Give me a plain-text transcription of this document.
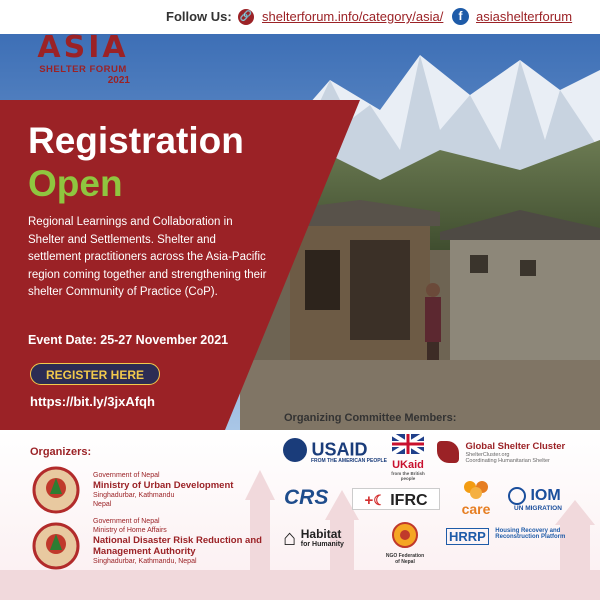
Follow Us: 🔗 shelterforum.info/category/asia/	f	asiashelterforum
ASIA
SHELTER FORUM
2021
Registration
Open
Regional Learnings and Collaboration in Shelter and Settlements. Shelter and settlement practitioners across the Asia-Pacific region coming together and strengthening their shelter Community of Practice (CoP).
Event Date: 25-27 November 2021
REGISTER HERE
https://bit.ly/3jxAfqh
Organizing Committee Members:
Organizers:
Government of Nepal
Ministry of Urban Development
Singhadurbar, Kathmandu
Nepal
Government of Nepal
Ministry of Home Affairs
National Disaster Risk Reduction and
Management Authority
Singhadurbar, Kathmandu, Nepal
USAID
FROM THE AMERICAN PEOPLE UKaid
from the British people

Global Shelter Cluster
ShelterCluster.org
Coordinating Humanitarian Shelter
CRS	+☾ IFRC	care
IOM
UN MIGRATION
⌂ Habitat
for Humanity
NGO Federation
of Nepal
HRRP Housing Recovery and
Reconstruction Platform
